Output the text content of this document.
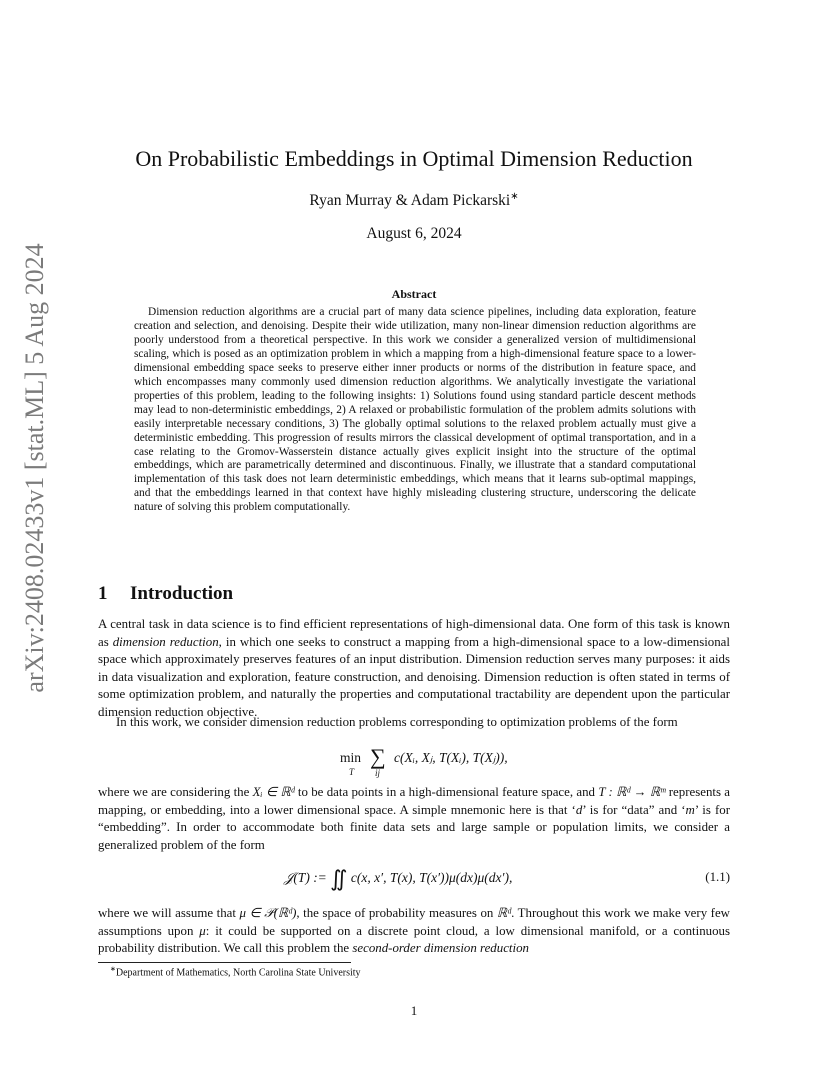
arXiv:2408.02433v1 [stat.ML] 5 Aug 2024
On Probabilistic Embeddings in Optimal Dimension Reduction
Ryan Murray & Adam Pickarski∗
August 6, 2024
Abstract

Dimension reduction algorithms are a crucial part of many data science pipelines, including data exploration, feature creation and selection, and denoising. Despite their wide utilization, many non-linear dimension reduction algorithms are poorly understood from a theoretical perspective. In this work we consider a generalized version of multidimensional scaling, which is posed as an optimization problem in which a mapping from a high-dimensional feature space to a lower-dimensional embedding space seeks to preserve either inner products or norms of the distribution in feature space, and which encompasses many commonly used dimension reduction algorithms. We analytically investigate the variational properties of this problem, leading to the following insights: 1) Solutions found using standard particle descent methods may lead to non-deterministic embeddings, 2) A relaxed or probabilistic formulation of the problem admits solutions with easily interpretable necessary conditions, 3) The globally optimal solutions to the relaxed problem actually must give a deterministic embedding. This progression of results mirrors the classical development of optimal transportation, and in a case relating to the Gromov-Wasserstein distance actually gives explicit insight into the structure of the optimal embeddings, which are parametrically determined and discontinuous. Finally, we illustrate that a standard computational implementation of this task does not learn deterministic embeddings, which means that it learns sub-optimal mappings, and that the embeddings learned in that context have highly misleading clustering structure, underscoring the delicate nature of solving this problem computationally.

1 Introduction

A central task in data science is to find efficient representations of high-dimensional data. One form of this task is known as dimension reduction, in which one seeks to construct a mapping from a high-dimensional space to a low-dimensional space which approximately preserves features of an input distribution. Dimension reduction serves many purposes: it aids in data visualization and exploration, feature construction, and denoising. Dimension reduction is often stated in terms of some optimization problem, and naturally the properties and computational tractability are dependent upon the particular dimension reduction objective.

In this work, we consider dimension reduction problems corresponding to optimization problems of the form

min
T
∑
ij
c(Xᵢ, Xⱼ, T(Xᵢ), T(Xⱼ)),

where we are considering the Xᵢ ∈ ℝᵈ to be data points in a high-dimensional feature space, and T : ℝᵈ → ℝᵐ represents a mapping, or embedding, into a lower dimensional space. A simple mnemonic here is that ‘d’ is for “data” and ‘m’ is for “embedding”. In order to accommodate both finite data sets and large sample or population limits, we consider a generalized problem of the form

𝒥(T) := ∬ c(x, x′, T(x), T(x′))μ(dx)μ(dx′),	(1.1)

where we will assume that μ ∈ 𝒫(ℝᵈ), the space of probability measures on ℝᵈ. Throughout this work we make very few assumptions upon μ: it could be supported on a discrete point cloud, a low dimensional manifold, or a continuous probability distribution. We call this problem the second-order dimension reduction

∗Department of Mathematics, North Carolina State University
1
